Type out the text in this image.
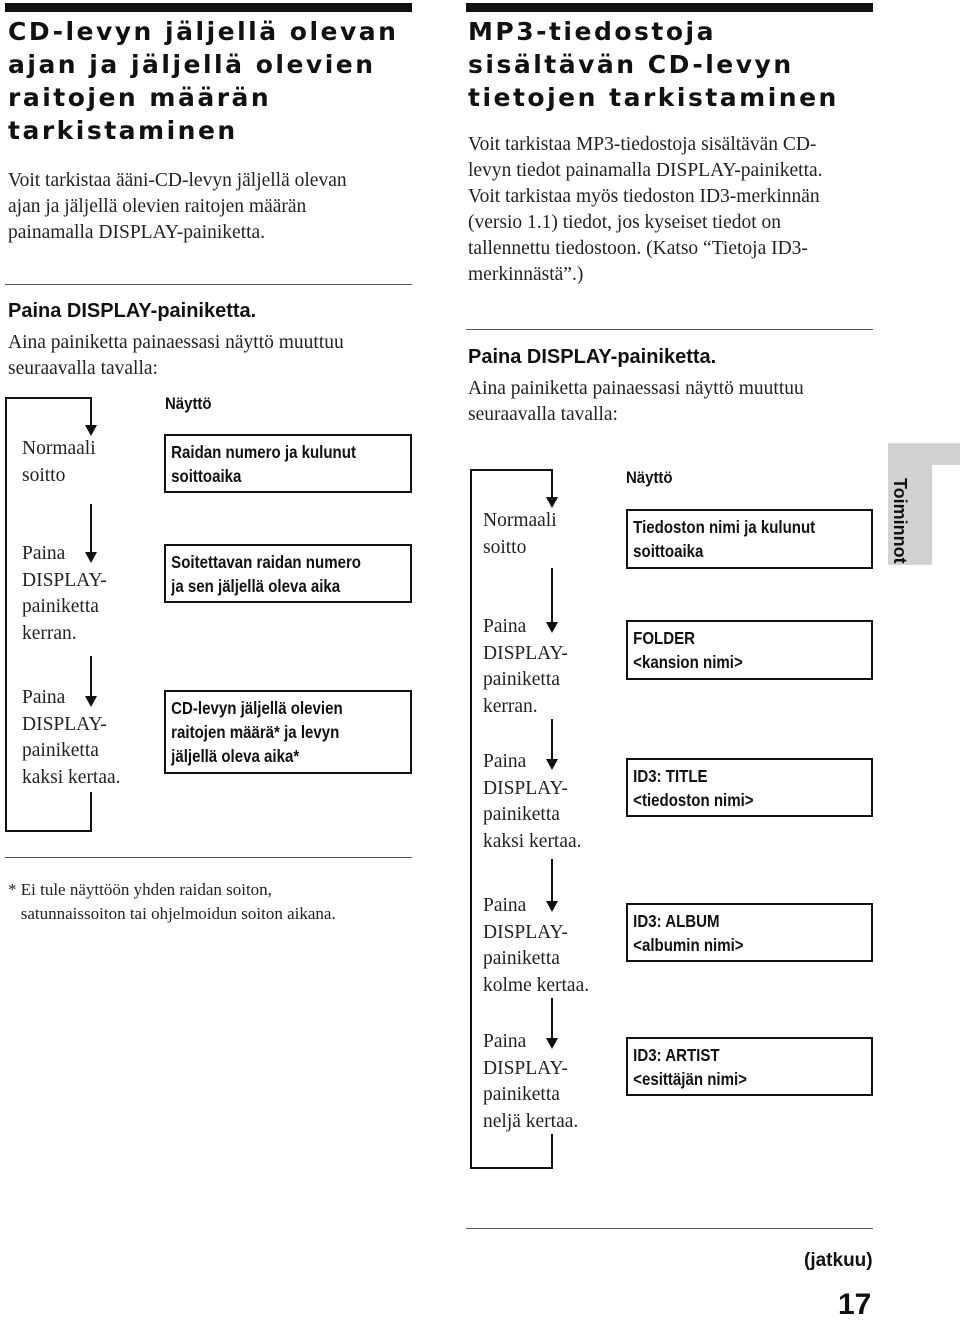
CD-levyn jäljellä olevan
ajan ja jäljellä olevien
raitojen määrän
tarkistaminen
Voit tarkistaa ääni-CD-levyn jäljellä olevan
ajan ja jäljellä olevien raitojen määrän
painamalla DISPLAY-painiketta.
Paina DISPLAY-painiketta.
Aina painiketta painaessasi näyttö muuttuu
seuraavalla tavalla:
Näyttö
Normaali
soitto
Paina
DISPLAY-
painiketta
kerran.
Paina
DISPLAY-
painiketta
kaksi kertaa.
Raidan numero ja kulunut
soittoaika
Soitettavan raidan numero
ja sen jäljellä oleva aika
CD-levyn jäljellä olevien
raitojen määrä* ja levyn
jäljellä oleva aika*
* Ei tule näyttöön yhden raidan soiton,
satunnaissoiton tai ohjelmoidun soiton aikana.
MP3-tiedostoja
sisältävän CD-levyn
tietojen tarkistaminen
Voit tarkistaa MP3-tiedostoja sisältävän CD-
levyn tiedot painamalla DISPLAY-painiketta.
Voit tarkistaa myös tiedoston ID3-merkinnän
(versio 1.1) tiedot, jos kyseiset tiedot on
tallennettu tiedostoon. (Katso “Tietoja ID3-
merkinnästä”.)
Paina DISPLAY-painiketta.
Aina painiketta painaessasi näyttö muuttuu
seuraavalla tavalla:
Näyttö
Normaali
soitto
Paina
DISPLAY-
painiketta
kerran.
Paina
DISPLAY-
painiketta
kaksi kertaa.
Paina
DISPLAY-
painiketta
kolme kertaa.
Paina
DISPLAY-
painiketta
neljä kertaa.
Tiedoston nimi ja kulunut
soittoaika
FOLDER
<kansion nimi>
ID3: TITLE
<tiedoston nimi>
ID3: ALBUM
<albumin nimi>
ID3: ARTIST
<esittäjän nimi>
Toiminnot
(jatkuu)
17
